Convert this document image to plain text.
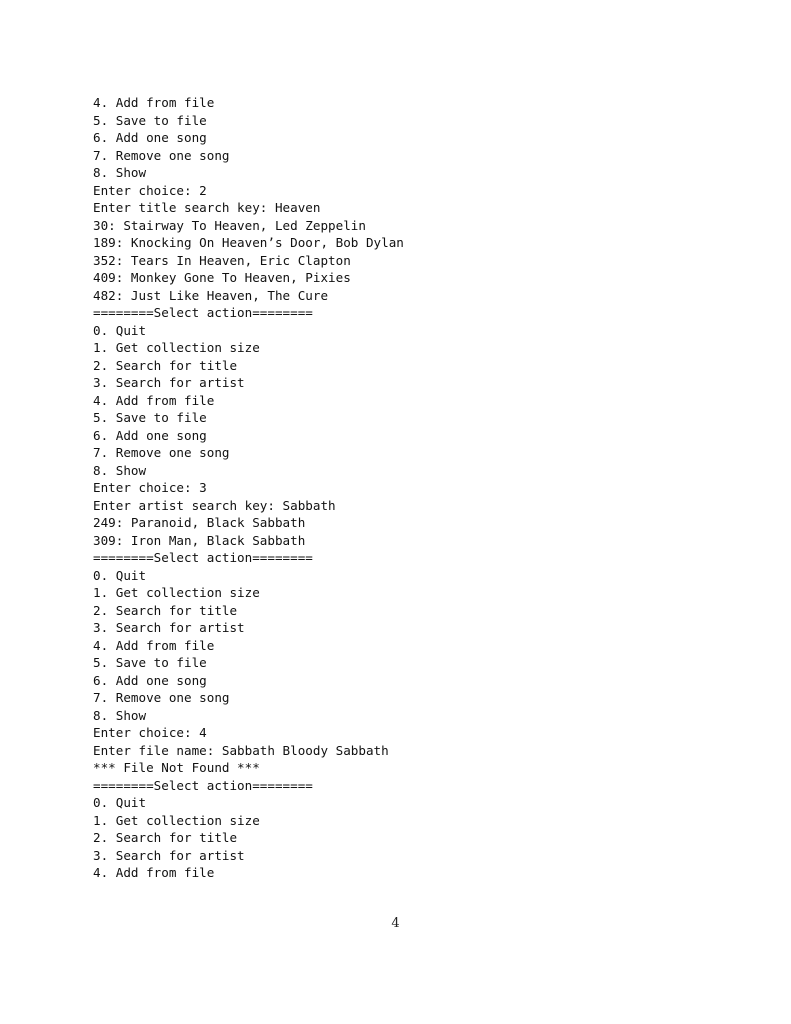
4. Add from file
5. Save to file
6. Add one song
7. Remove one song
8. Show
Enter choice: 2
Enter title search key: Heaven
30: Stairway To Heaven, Led Zeppelin
189: Knocking On Heaven’s Door, Bob Dylan
352: Tears In Heaven, Eric Clapton
409: Monkey Gone To Heaven, Pixies
482: Just Like Heaven, The Cure
========Select action========
0. Quit
1. Get collection size
2. Search for title
3. Search for artist
4. Add from file
5. Save to file
6. Add one song
7. Remove one song
8. Show
Enter choice: 3
Enter artist search key: Sabbath
249: Paranoid, Black Sabbath
309: Iron Man, Black Sabbath
========Select action========
0. Quit
1. Get collection size
2. Search for title
3. Search for artist
4. Add from file
5. Save to file
6. Add one song
7. Remove one song
8. Show
Enter choice: 4
Enter file name: Sabbath Bloody Sabbath
*** File Not Found ***
========Select action========
0. Quit
1. Get collection size
2. Search for title
3. Search for artist
4. Add from file
4
